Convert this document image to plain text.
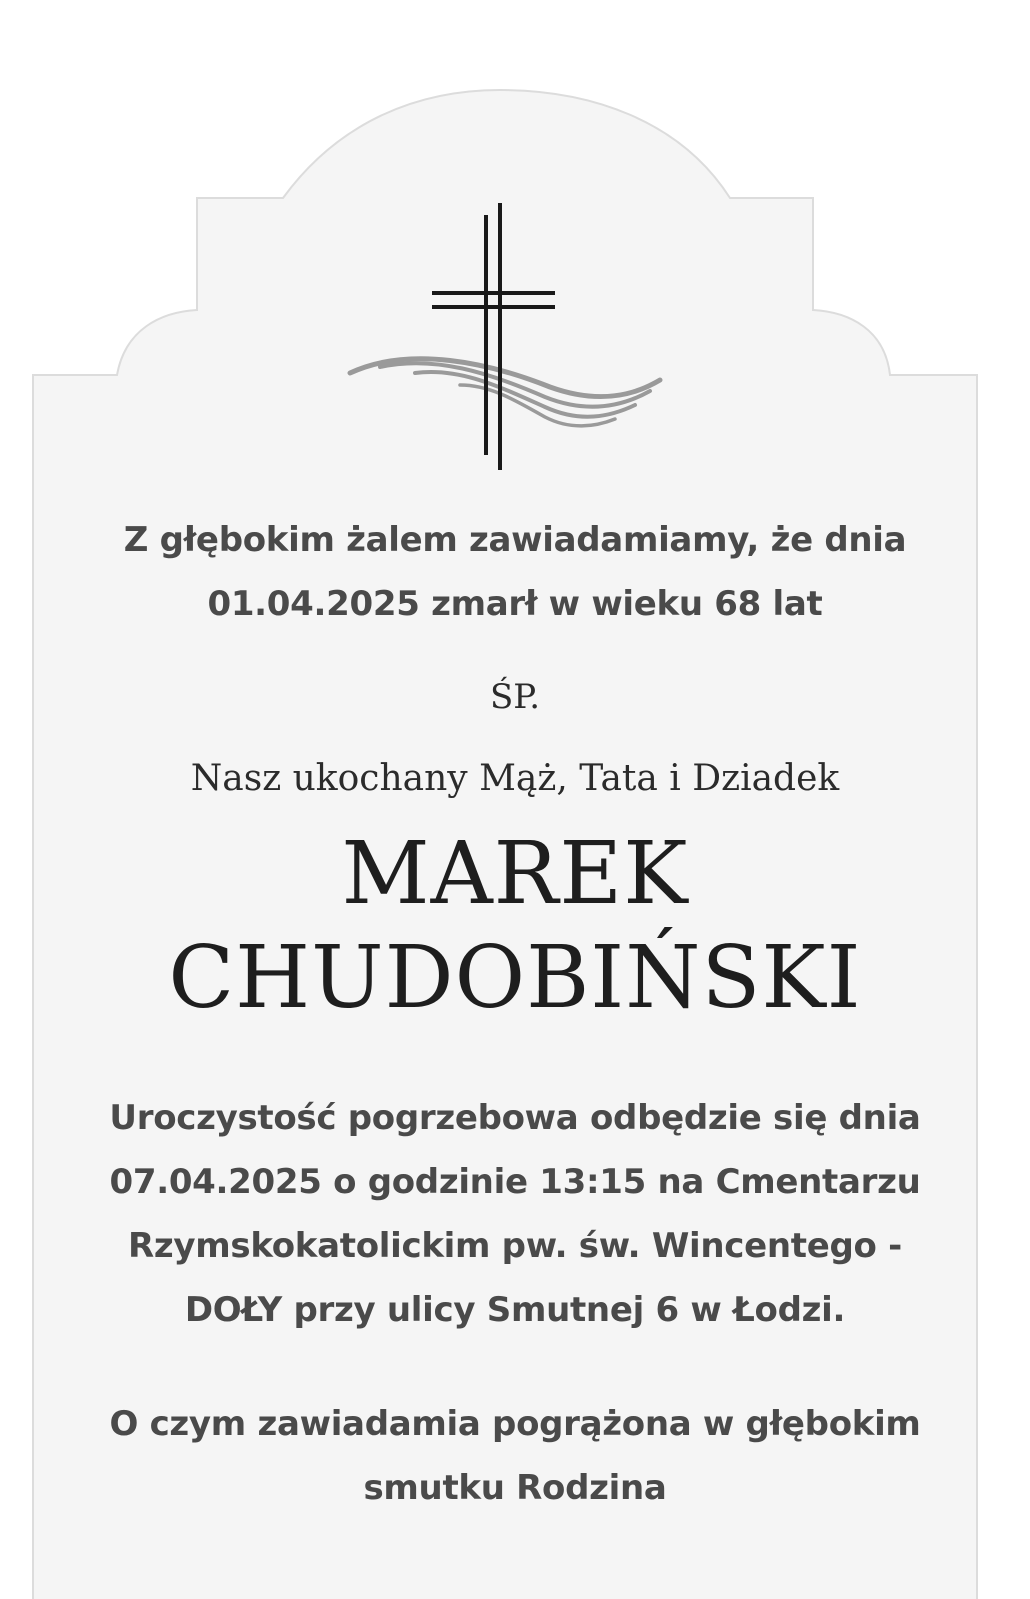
Z głębokim żalem zawiadamiamy, że dnia
01.04.2025 zmarł w wieku 68 lat
ŚP.
Nasz ukochany Mąż, Tata i Dziadek
MAREK
CHUDOBIŃSKI
Uroczystość pogrzebowa odbędzie się dnia
07.04.2025 o godzinie 13:15 na Cmentarzu
Rzymskokatolickim pw. św. Wincentego -
DOŁY przy ulicy Smutnej 6 w Łodzi.
O czym zawiadamia pogrążona w głębokim
smutku Rodzina
